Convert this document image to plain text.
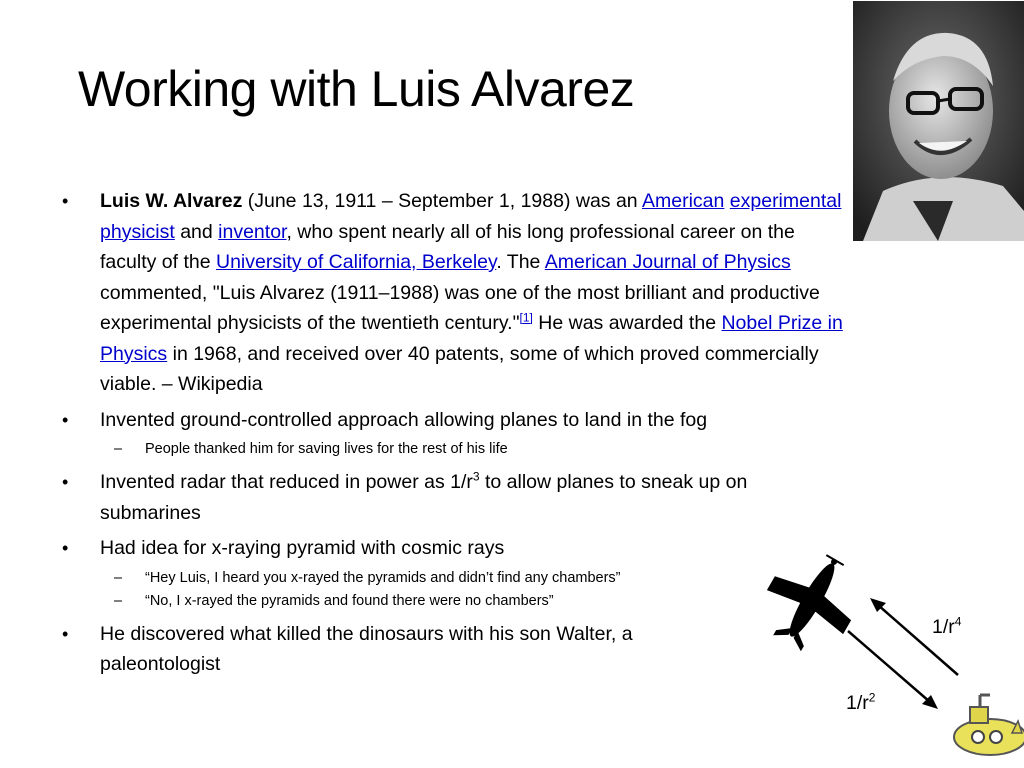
Working with Luis Alvarez
•	Luis W. Alvarez (June 13, 1911 – September 1, 1988) was an American experimental physicist and inventor, who spent nearly all of his long professional career on the faculty of the University of California, Berkeley. The American Journal of Physics commented, "Luis Alvarez (1911–1988) was one of the most brilliant and productive experimental physicists of the twentieth century."[1] He was awarded the Nobel Prize in Physics in 1968, and received over 40 patents, some of which proved commercially viable. – Wikipedia
•	Invented ground-controlled approach allowing planes to land in the fog
– People thanked him for saving lives for the rest of his life
•	Invented radar that reduced in power as $1/r^3$ to allow planes to sneak up on submarines
•	Had idea for x-raying pyramid with cosmic rays
– “Hey Luis, I heard you x-rayed the pyramids and didn’t find any chambers”
– “No, I x-rayed the pyramids and found there were no chambers”
•	He discovered what killed the dinosaurs with his son Walter, a paleontologist
$1/r^4$
$1/r^2$
